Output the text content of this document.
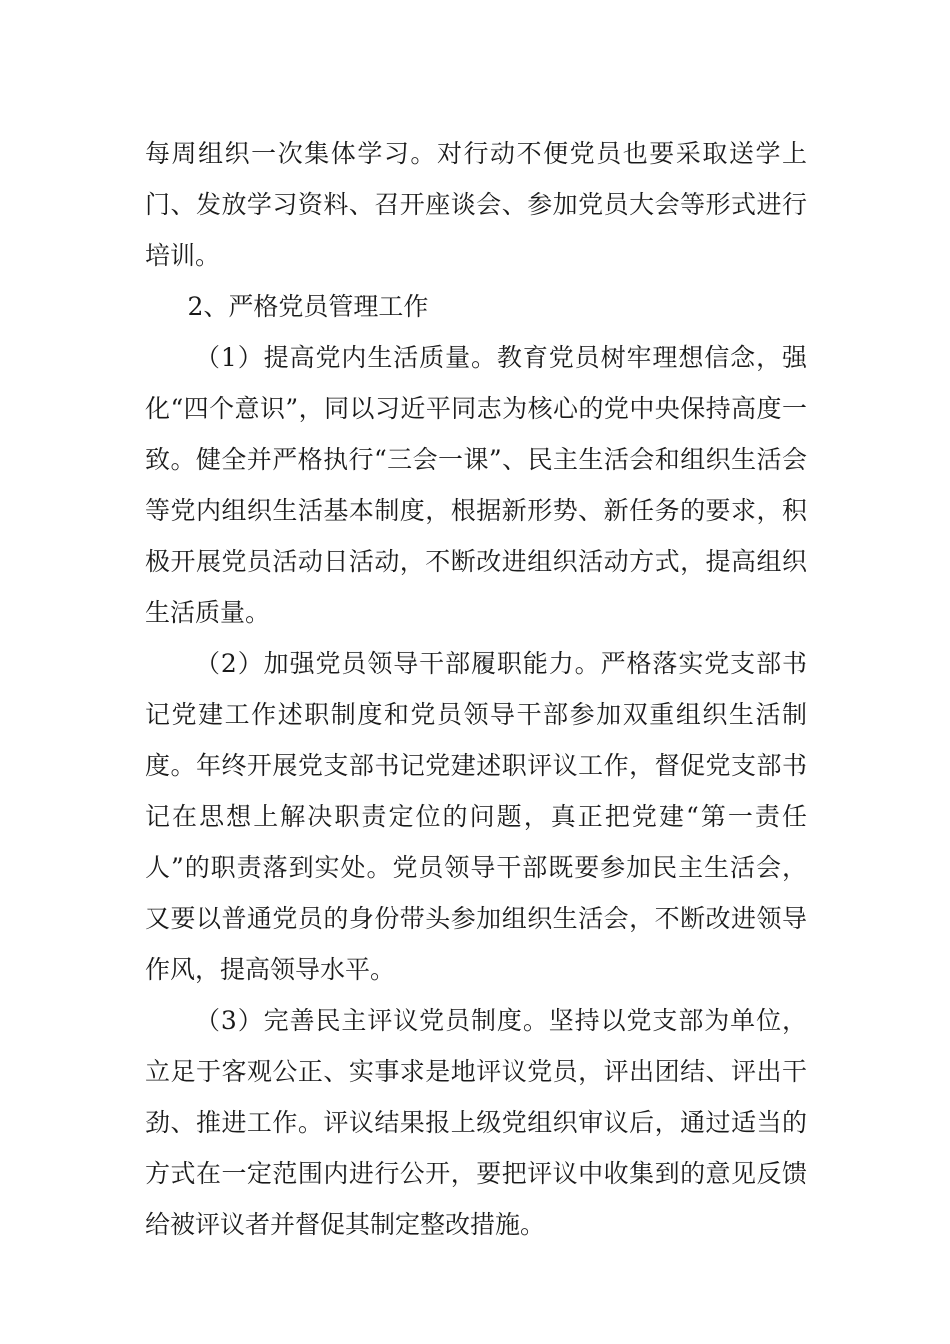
每周组织一次集体学习。对行动不便党员也要采取送学上门、发放学习资料、召开座谈会、参加党员大会等形式进行培训。

2、严格党员管理工作

（1）提高党内生活质量。教育党员树牢理想信念，强化“四个意识”，同以习近平同志为核心的党中央保持高度一致。健全并严格执行“三会一课”、民主生活会和组织生活会等党内组织生活基本制度，根据新形势、新任务的要求，积极开展党员活动日活动，不断改进组织活动方式，提高组织生活质量。

（2）加强党员领导干部履职能力。严格落实党支部书记党建工作述职制度和党员领导干部参加双重组织生活制度。年终开展党支部书记党建述职评议工作，督促党支部书记在思想上解决职责定位的问题，真正把党建“第一责任人”的职责落到实处。党员领导干部既要参加民主生活会，又要以普通党员的身份带头参加组织生活会，不断改进领导作风，提高领导水平。

（3）完善民主评议党员制度。坚持以党支部为单位，立足于客观公正、实事求是地评议党员，评出团结、评出干劲、推进工作。评议结果报上级党组织审议后，通过适当的方式在一定范围内进行公开，要把评议中收集到的意见反馈给被评议者并督促其制定整改措施。
